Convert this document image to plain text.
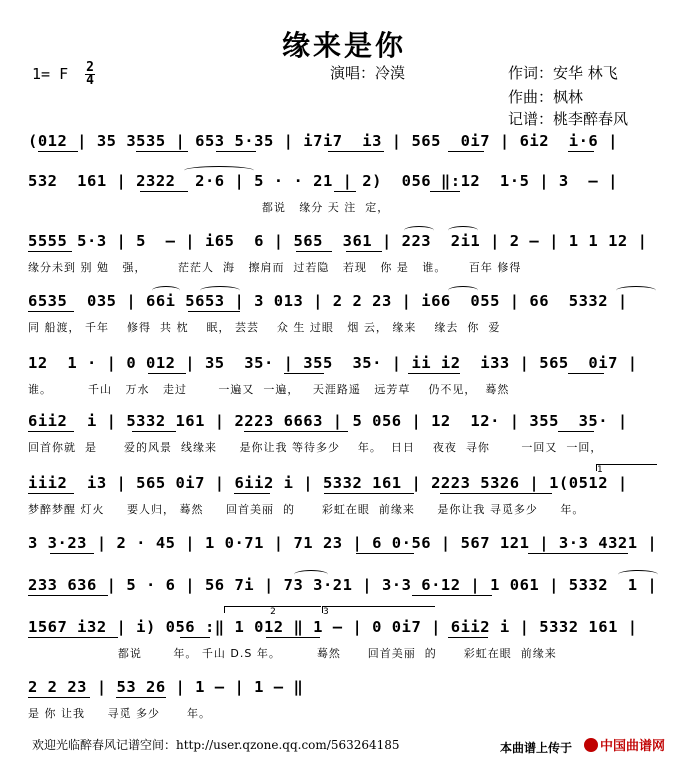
缘来是你
1= F $\frac{2}{4}$	演唱：冷漠	作词：安华 林飞
作曲：枫林
记谱：桃李醉春风
(012 | 35 3535 | 653 5·35 | i7i7  i3 | 565  0i7 | 6i2  i·6 |
532  161 | 2322  2·6 | 5 · · 21 | 2)  056 ‖:12  1·5 | 3  – |
都说   缘分 天 注  定，
5555 5·3 | 5  – | i65  6 | 565  361 | 223  2i1 | 2 – | 1 1 12 |
缘分未到 别 勉   强，       茫茫人  海   擦肩而  过若隐   若现   你 是   谁。     百年 修得
6535  035 | 66i 5653 | 3 013 | 2 2 23 | i66  055 | 66  5332 |
同 船渡， 千年    修得  共 枕    眠， 芸芸    众 生 过眼   烟 云， 缘来    缘去  你  爱
12  1 · | 0 012 | 35  35· | 355  35· | ii i2  i33 | 565  0i7 |
谁。        千山   万水   走过       一遍又  一遍，   天涯路遥   远芳草    仍不见，  蓦然
6ii2  i | 5332 161 | 2223 6663 | 5 056 | 12  12· | 355  35· |
回首你就  是      爱的风景  线缘来     是你让我 等待多少    年。  日日    夜夜  寻你       一回又  一回，
1
iii2  i3 | 565 0i7 | 6ii2 i | 5332 161 | 2223 5326 | 1(0512 |
梦醉梦醒 灯火     要人归， 蓦然     回首美丽  的      彩虹在眼  前缘来     是你让我 寻觅多少     年。
3 3·23 | 2 · 45 | 1 0·71 | 71 23 | 6 0·56 | 567 121 | 3·3 4321 |
233 636 | 5 · 6 | 56 7i | 73 3·21 | 3·3 6·12 | 1 061 | 5332  1 |
2	3
1567 i32 | i) 056 :‖ 1 012 ‖ 1 – | 0 0i7 | 6ii2 i | 5332 161 |
都说       年。 千山 D.S 年。        蓦然      回首美丽  的      彩虹在眼  前缘来
2 2 23 | 53 26 | 1 – | 1 – ‖
是 你 让我     寻觅 多少      年。
欢迎光临醉春风记谱空间：http://user.qzone.qq.com/563264185	本曲谱上传于	中国曲谱网
